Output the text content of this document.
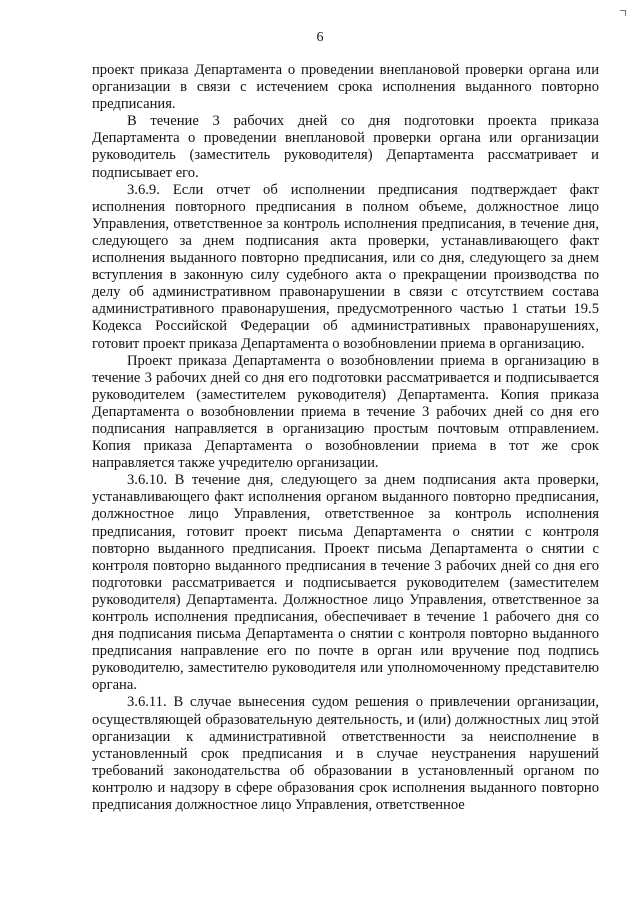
6

проект приказа Департамента о проведении внеплановой проверки органа или организации в связи с истечением срока исполнения выданного повторно предписания.

В течение 3 рабочих дней со дня подготовки проекта приказа Департамента о проведении внеплановой проверки органа или организации руководитель (заместитель руководителя) Департамента рассматривает и подписывает его.

3.6.9. Если отчет об исполнении предписания подтверждает факт исполнения повторного предписания в полном объеме, должностное лицо Управления, ответственное за контроль исполнения предписания, в течение дня, следующего за днем подписания акта проверки, устанавливающего факт исполнения выданного повторно предписания, или со дня, следующего за днем вступления в законную силу судебного акта о прекращении производства по делу об административном правонарушении в связи с отсутствием состава административного правонарушения, предусмотренного частью 1 статьи 19.5 Кодекса Российской Федерации об административных правонарушениях, готовит проект приказа Департамента о возобновлении приема в организацию.

Проект приказа Департамента о возобновлении приема в организацию в течение 3 рабочих дней со дня его подготовки рассматривается и подписывается руководителем (заместителем руководителя) Департамента. Копия приказа Департамента о возобновлении приема в течение 3 рабочих дней со дня его подписания направляется в организацию простым почтовым отправлением. Копия приказа Департамента о возобновлении приема в тот же срок направляется также учредителю организации.

3.6.10. В течение дня, следующего за днем подписания акта проверки, устанавливающего факт исполнения органом выданного повторно предписания, должностное лицо Управления, ответственное за контроль исполнения предписания, готовит проект письма Департамента о снятии с контроля повторно выданного предписания. Проект письма Департамента о снятии с контроля повторно выданного предписания в течение 3 рабочих дней со дня его подготовки рассматривается и подписывается руководителем (заместителем руководителя) Департамента. Должностное лицо Управления, ответственное за контроль исполнения предписания, обеспечивает в течение 1 рабочего дня со дня подписания письма Департамента о снятии с контроля повторно выданного предписания направление его по почте в орган или вручение под подпись руководителю, заместителю руководителя или уполномоченному представителю органа.

3.6.11. В случае вынесения судом решения о привлечении организации, осуществляющей образовательную деятельность, и (или) должностных лиц этой организации к административной ответственности за неисполнение в установленный срок предписания и в случае неустранения нарушений требований законодательства об образовании в установленный органом по контролю и надзору в сфере образования срок исполнения выданного повторно предписания должностное лицо Управления, ответственное
